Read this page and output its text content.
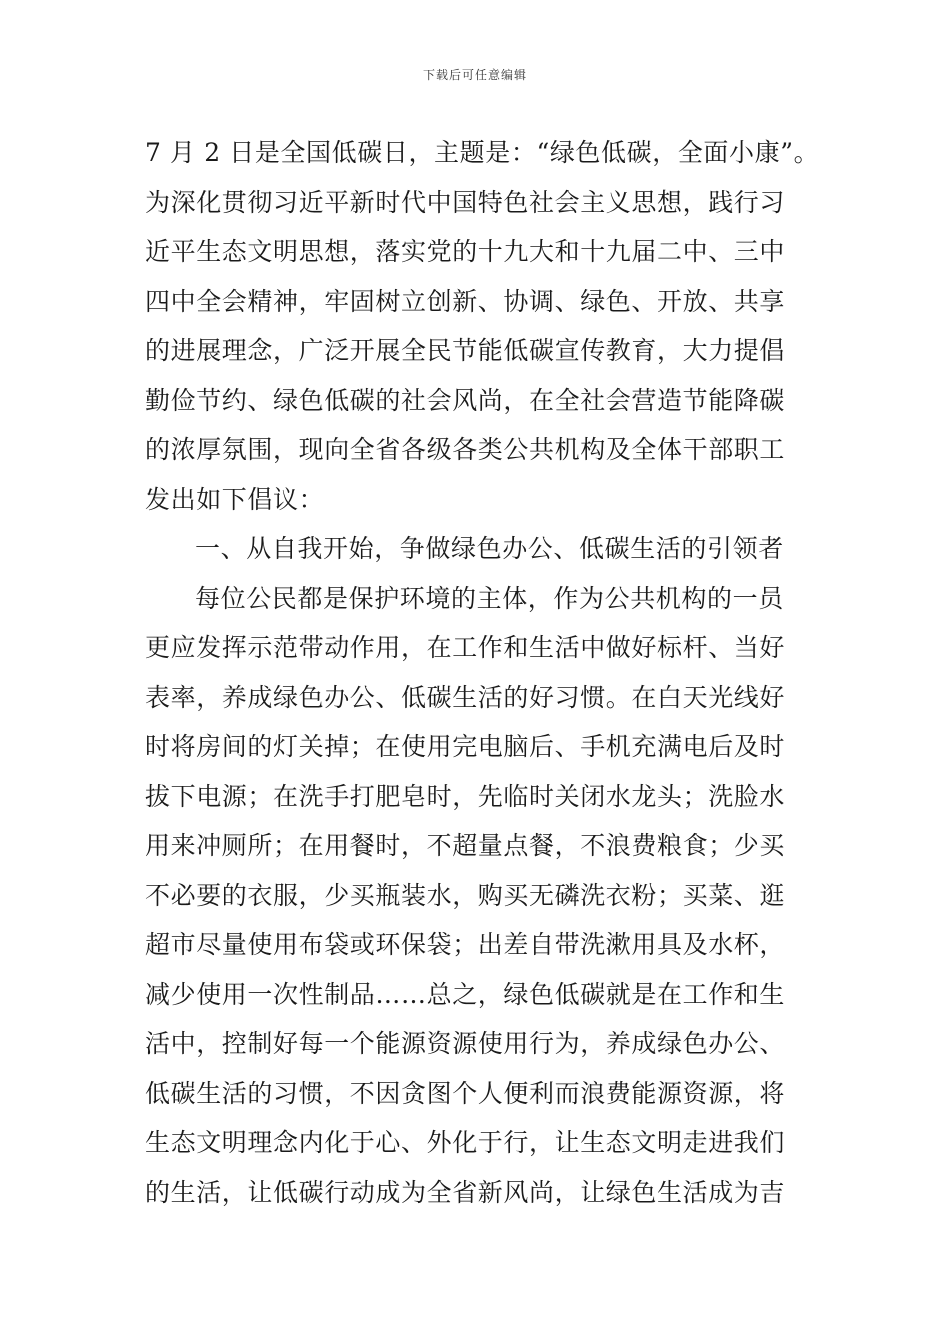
下载后可任意编辑
7 月 2 日是全国低碳日，主题是：“绿色低碳，全面小康”。
为深化贯彻习近平新时代中国特色社会主义思想，践行习
近平生态文明思想，落实党的十九大和十九届二中、三中
四中全会精神，牢固树立创新、协调、绿色、开放、共享
的进展理念，广泛开展全民节能低碳宣传教育，大力提倡
勤俭节约、绿色低碳的社会风尚，在全社会营造节能降碳
的浓厚氛围，现向全省各级各类公共机构及全体干部职工
发出如下倡议：
一、从自我开始，争做绿色办公、低碳生活的引领者
每位公民都是保护环境的主体，作为公共机构的一员
更应发挥示范带动作用，在工作和生活中做好标杆、当好
表率，养成绿色办公、低碳生活的好习惯。在白天光线好
时将房间的灯关掉；在使用完电脑后、手机充满电后及时
拔下电源；在洗手打肥皂时，先临时关闭水龙头；洗脸水
用来冲厕所；在用餐时，不超量点餐，不浪费粮食；少买
不必要的衣服，少买瓶装水，购买无磷洗衣粉；买菜、逛
超市尽量使用布袋或环保袋；出差自带洗漱用具及水杯，
减少使用一次性制品……总之，绿色低碳就是在工作和生
活中，控制好每一个能源资源使用行为，养成绿色办公、
低碳生活的习惯，不因贪图个人便利而浪费能源资源，将
生态文明理念内化于心、外化于行，让生态文明走进我们
的生活，让低碳行动成为全省新风尚，让绿色生活成为吉
